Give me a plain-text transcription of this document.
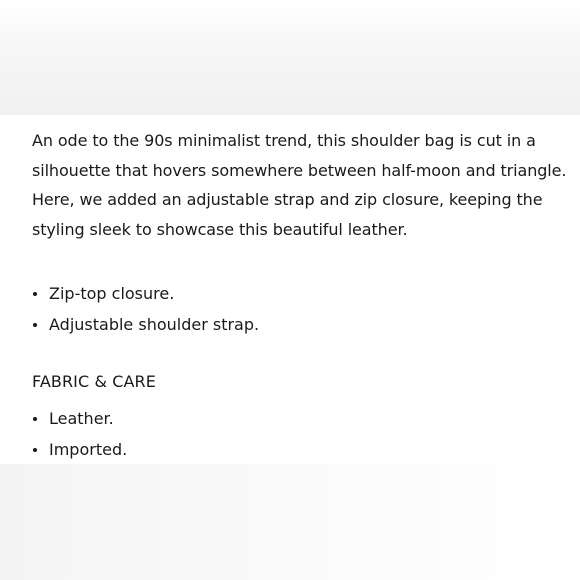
An ode to the 90s minimalist trend, this shoulder bag is cut in a
silhouette that hovers somewhere between half-moon and triangle.
Here, we added an adjustable strap and zip closure, keeping the
styling sleek to showcase this beautiful leather.
Zip-top closure.
Adjustable shoulder strap.
FABRIC & CARE
Leather.
Imported.
